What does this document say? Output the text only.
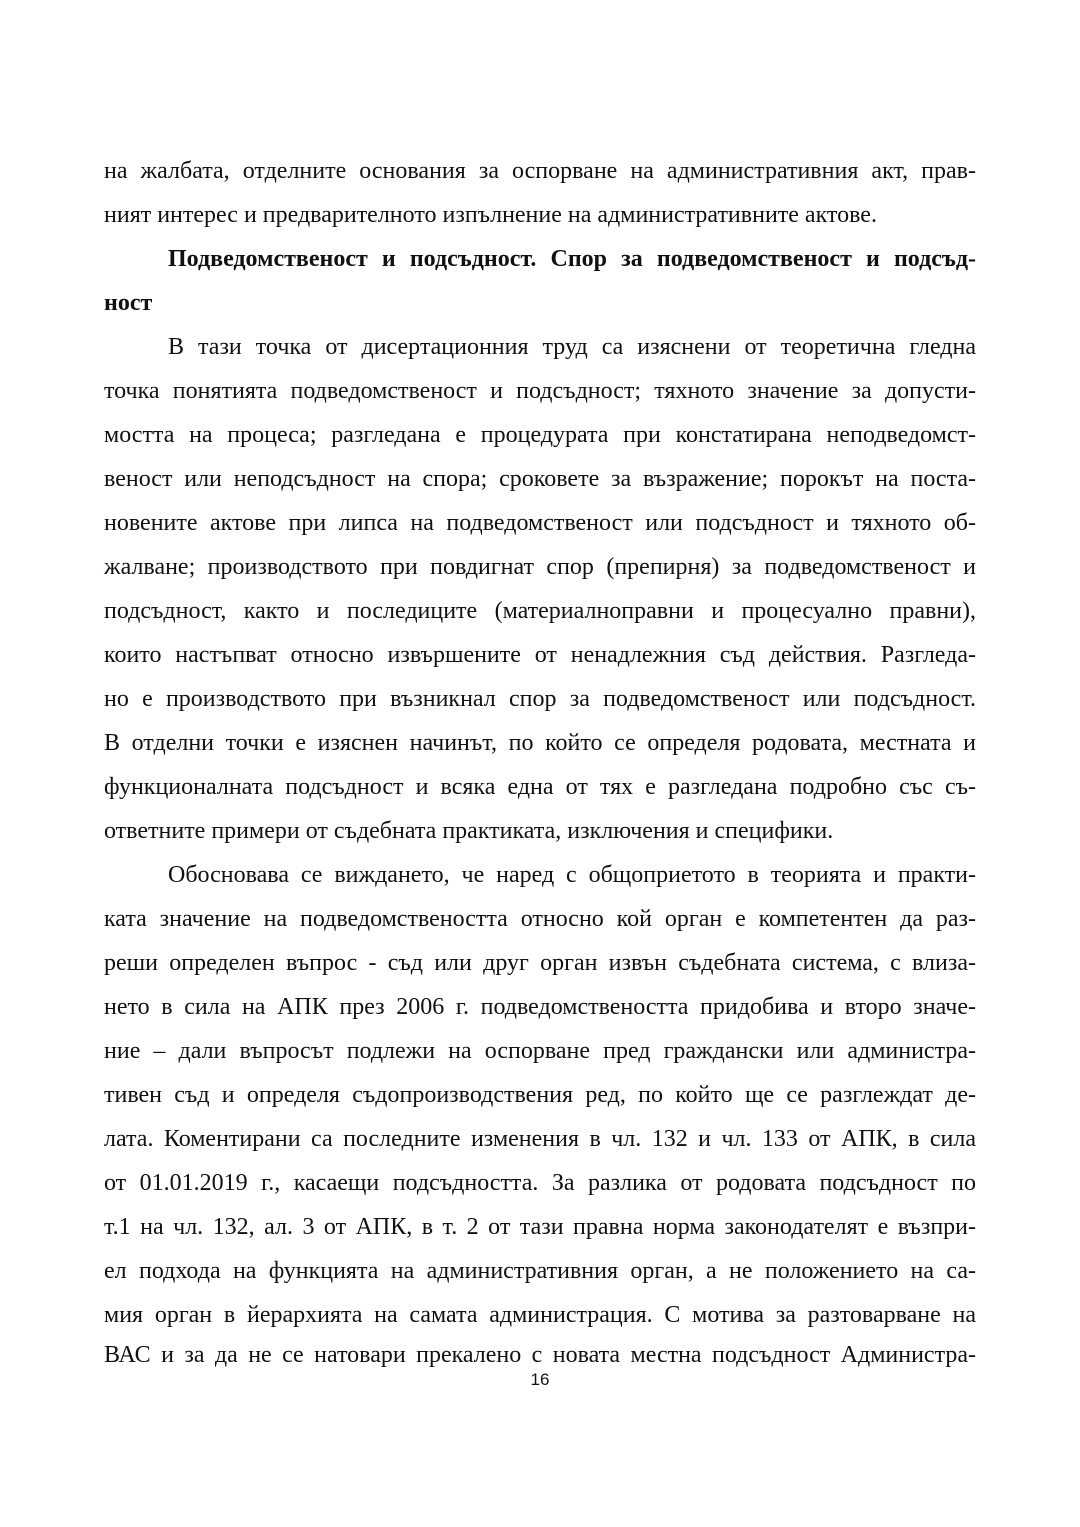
на жалбата, отделните основания за оспорване на административния акт, прав-
ният интерес и предварителното изпълнение на административните актове.
Подведомственост и подсъдност. Спор за подведомственост и подсъд-
ност
В тази точка от дисертационния труд са изяснени от теоретична гледна
точка понятията подведомственост и подсъдност; тяхното значение за допусти-
мостта на процеса; разгледана е процедурата при констатирана неподведомст-
веност или неподсъдност на спора; сроковете за възражение; порокът на поста-
новените актове при липса на подведомственост или подсъдност и тяхното об-
жалване; производството при повдигнат спор (препирня) за подведомственост и
подсъдност, както и последиците (материалноправни и процесуално правни),
които настъпват относно извършените от ненадлежния съд действия. Разгледа-
но е производството при възникнал спор за подведомственост или подсъдност.
В отделни точки е изяснен начинът, по който се определя родовата, местната и
функционалната подсъдност и всяка една от тях е разгледана подробно със съ-
ответните примери от съдебната практиката, изключения и специфики.
Обосновава се виждането, че наред с общоприетото в теорията и практи-
ката значение на подведомствеността относно кой орган е компетентен да раз-
реши определен въпрос - съд или друг орган извън съдебната система, с влиза-
нето в сила на АПК през 2006 г. подведомствеността придобива и второ значе-
ние – дали въпросът подлежи на оспорване пред граждански или администра-
тивен съд и определя съдопроизводствения ред, по който ще се разглеждат де-
лата. Коментирани са последните изменения в чл. 132 и чл. 133 от АПК, в сила
от 01.01.2019 г., касаещи подсъдността. За разлика от родовата подсъдност по
т.1 на чл. 132, ал. 3 от АПК, в т. 2 от тази правна норма законодателят е възпри-
ел подхода на функцията на административния орган, а не положението на са-
мия орган в йерархията на самата администрация. С мотива за разтоварване на
ВАС и за да не се натовари прекалено с новата местна подсъдност Администра-
16
